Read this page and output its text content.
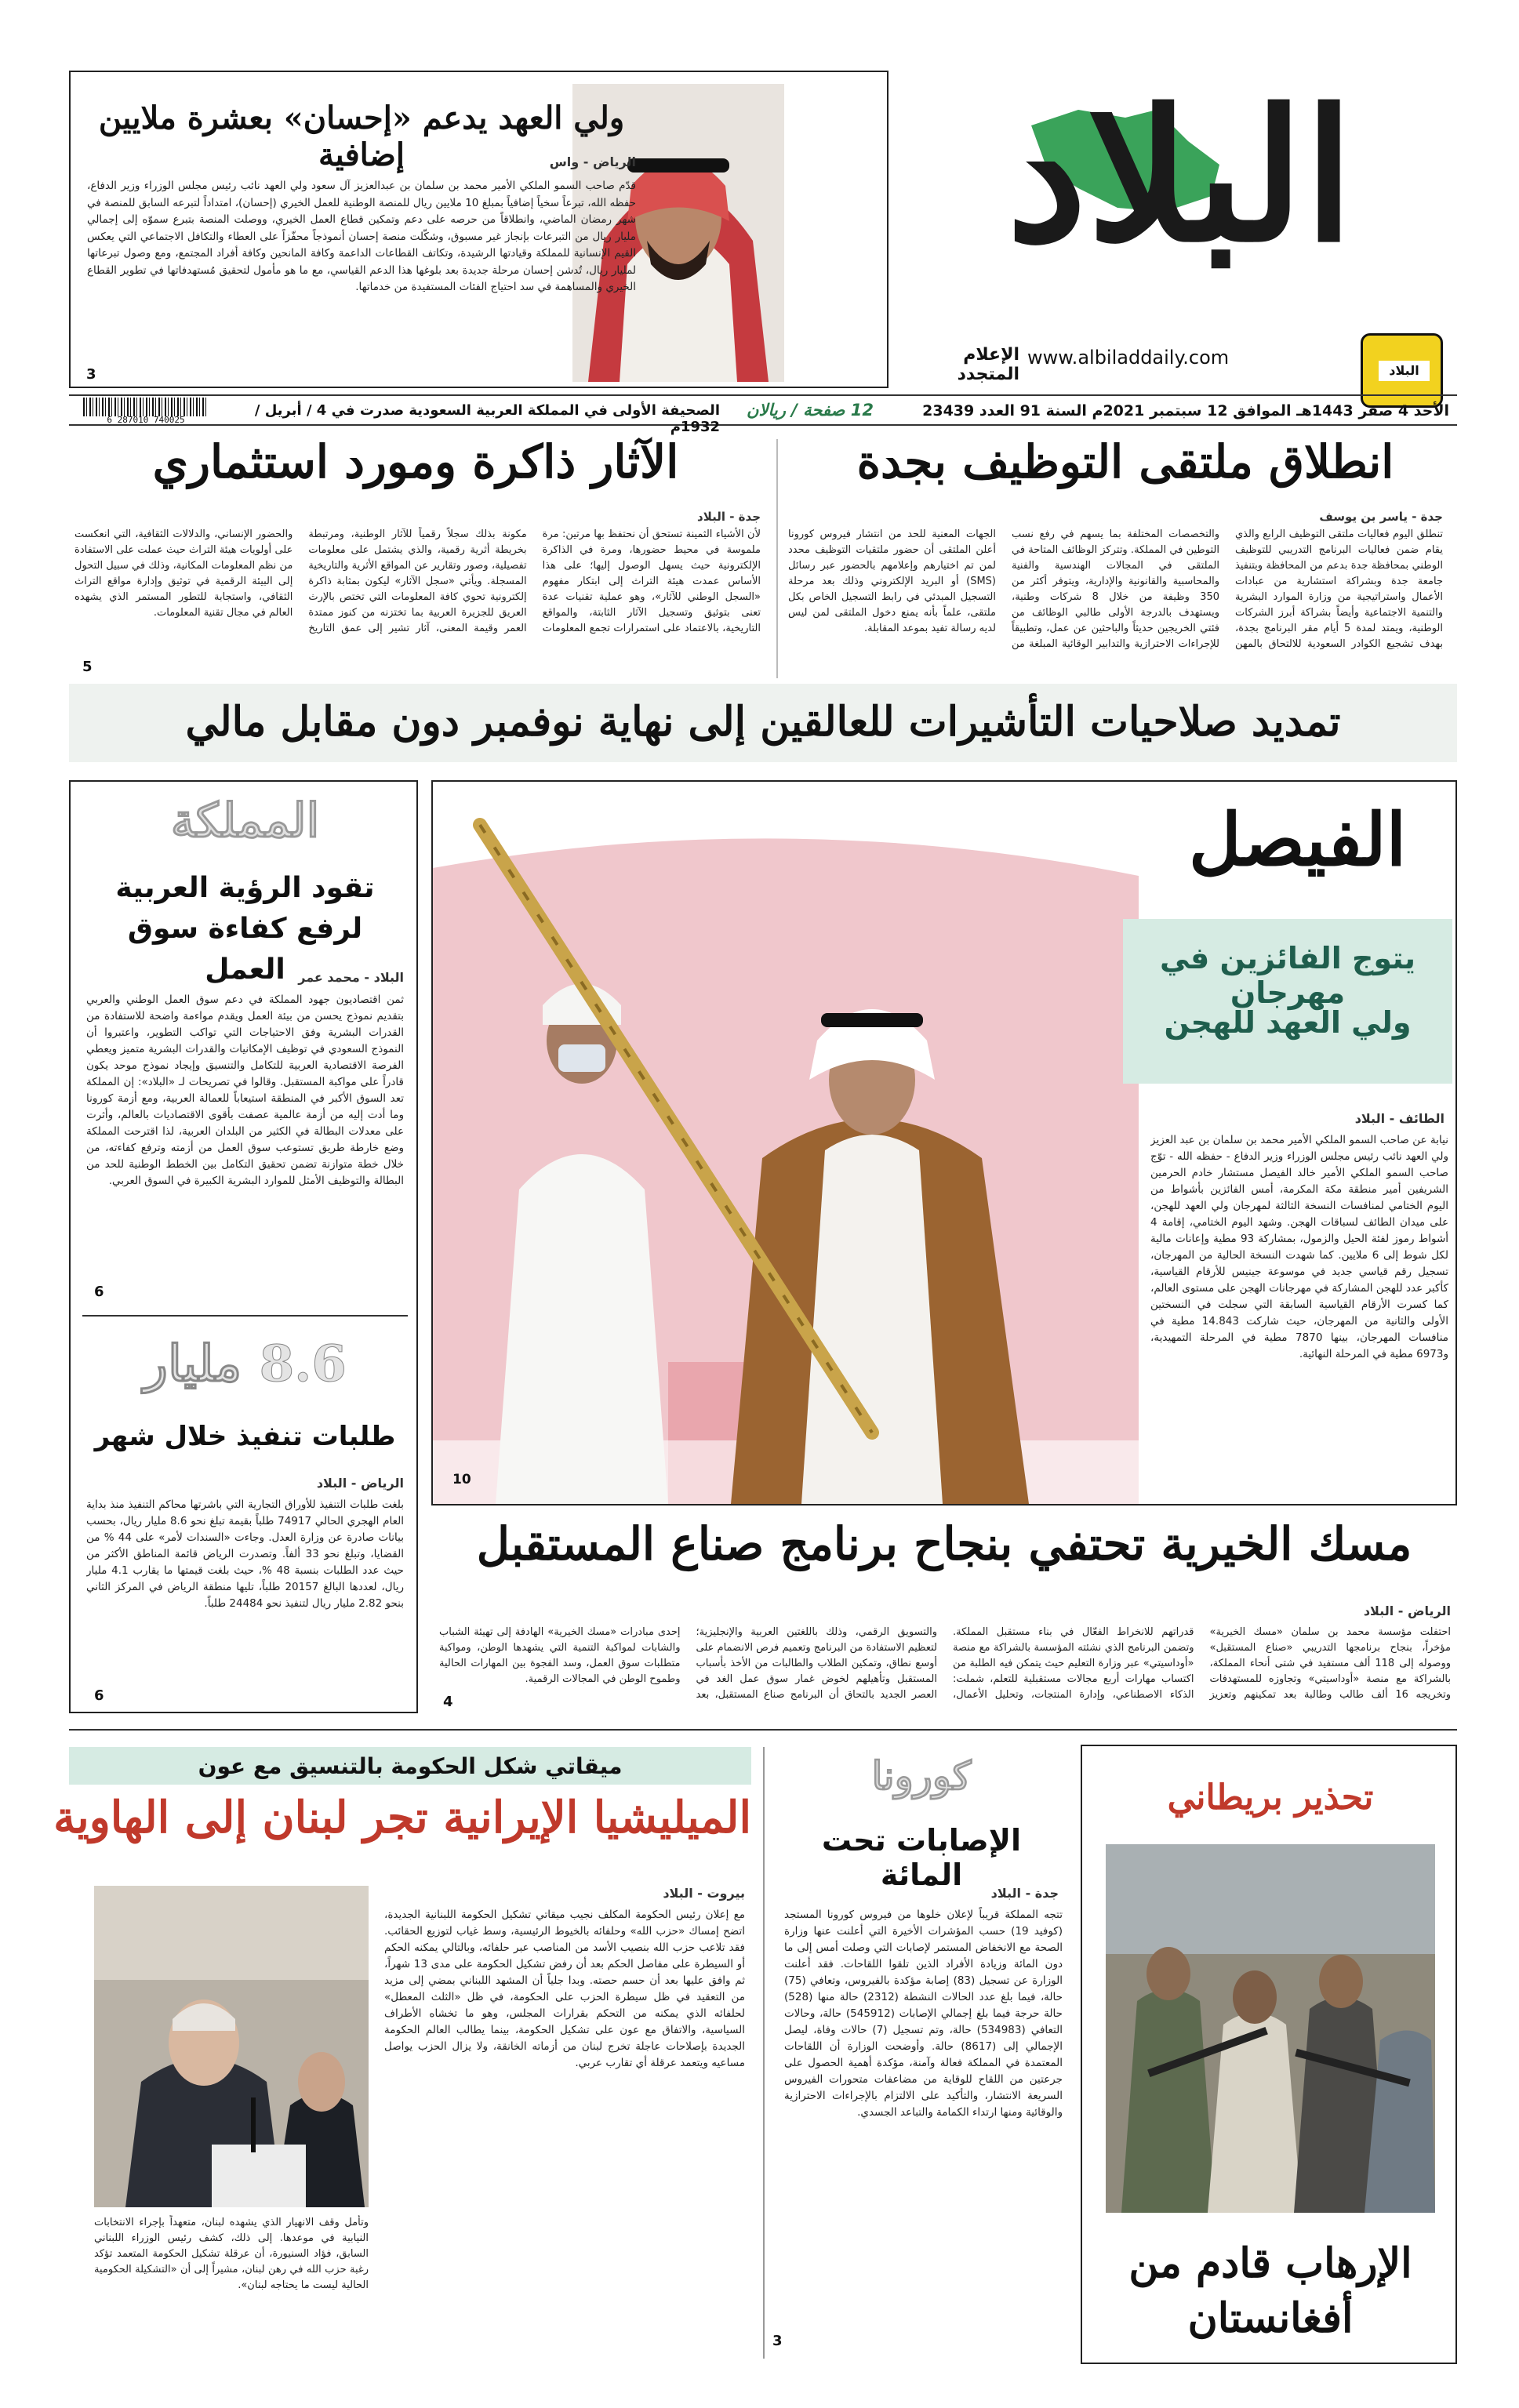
البلاد
البلاد
www.albiladdaily.com
الإعلام المتجدد
الأحد 4 صفر 1443هـ الموافق 12 سبتمبر 2021م السنة 91 العدد 23439
12 صفحة / ريالان
الصحيفة الأولى في المملكة العربية السعودية صدرت في 4 / أبريل / 1932م
6 287010 740025
ولي العهد يدعم «إحسان» بعشرة ملايين إضافية	الرياض - واس
قدّم صاحب السمو الملكي الأمير محمد بن سلمان بن عبدالعزيز آل سعود ولي العهد نائب رئيس مجلس الوزراء وزير الدفاع، حفظه الله، تبرعاً سخياً إضافياً بمبلغ 10 ملايين ريال للمنصة الوطنية للعمل الخيري (إحسان)، امتداداً لتبرعه السابق للمنصة في شهر رمضان الماضي، وانطلاقاً من حرصه على دعم وتمكين قطاع العمل الخيري، ووصلت المنصة بتبرع سموّه إلى إجمالي مليار ريال من التبرعات بإنجاز غير مسبوق، وشكّلت منصة إحسان أنموذجاً محفّزاً على العطاء والتكافل الاجتماعي التي يعكس القيم الإنسانية للمملكة وقيادتها الرشيدة، وتكاتف القطاعات الداعمة وكافة المانحين وكافة أفراد المجتمع، ومع وصول تبرعاتها لمليار ريال، تُدشن إحسان مرحلة جديدة بعد بلوغها هذا الدعم القياسي، مع ما هو مأمول لتحقيق مُستهدفاتها في تطوير القطاع الخيري والمساهمة في سد احتياج الفئات المستفيدة من خدماتها.
3
انطلاق ملتقى التوظيف بجدة
جدة - ياسر بن يوسف
تنطلق اليوم فعاليات ملتقى التوظيف الرابع والذي يقام ضمن فعاليات البرنامج التدريبي للتوظيف الوطني بمحافظة جدة بدعم من المحافظة وبتنفيذ جامعة جدة وبشراكة استشارية من عبادات الأعمال واستراتيجية من وزارة الموارد البشرية والتنمية الاجتماعية وأيضاً بشراكة أبرز الشركات الوطنية، ويمتد لمدة 5 أيام مقر البرنامج بجدة، بهدف تشجيع الكوادر السعودية للالتحاق بالمهن والتخصصات المختلفة بما يسهم في رفع نسب التوطين في المملكة. وتتركز الوظائف المتاحة في الملتقى في المجالات الهندسية والفنية والمحاسبية والقانونية والإدارية، ويتوفر أكثر من 350 وظيفة من خلال 8 شركات وطنية، ويستهدف بالدرجة الأولى طالبي الوظائف من فئتي الخريجين حديثاً والباحثين عن عمل، وتطبيقاً للإجراءات الاحترازية والتدابير الوقائية المبلغة من الجهات المعنية للحد من انتشار فيروس كورونا أعلن الملتقى أن حضور ملتقيات التوظيف محدد لمن تم اختيارهم وإعلامهم بالحضور عبر رسائل (SMS) أو البريد الإلكتروني وذلك بعد مرحلة التسجيل المبدئي في رابط التسجيل الخاص بكل ملتقى، علماً بأنه يمنع دخول الملتقى لمن ليس لديه رسالة تفيد بموعد المقابلة.
الآثار ذاكرة ومورد استثماري
جدة - البلاد
لأن الأشياء الثمينة تستحق أن نحتفظ بها مرتين: مرة ملموسة في محيط حضورها، ومرة في الذاكرة الإلكترونية حيث يسهل الوصول إليها؛ على هذا الأساس عمدت هيئة التراث إلى ابتكار مفهوم «السجل الوطني للآثار»، وهو عملية تقنيات عدة تعنى بتوثيق وتسجيل الآثار الثابتة، والمواقع التاريخية، بالاعتماد على استمرارات تجمع المعلومات مكونة بذلك سجلاً رقمياً للآثار الوطنية، ومرتبطة بخريطة أثرية رقمية، والذي يشتمل على معلومات تفصيلية، وصور وتقارير عن المواقع الأثرية والتاريخية المسجلة. ويأتي «سجل الآثار» ليكون بمثابة ذاكرة إلكترونية تحوي كافة المعلومات التي تختص بالإرث العريق للجزيرة العربية بما تختزنه من كنوز ممتدة العمر وقيمة المعنى، آثار تشير إلى عمق التاريخ والحضور الإنساني، والدلالات الثقافية، التي انعكست على أولويات هيئة التراث حيث عملت على الاستفادة من نظم المعلومات المكانية، وذلك في سبيل التحول إلى البيئة الرقمية في توثيق وإدارة مواقع التراث الثقافي، واستجابة للتطور المستمر الذي يشهده العالم في مجال تقنية المعلومات.
5
تمديد صلاحيات التأشيرات للعالقين إلى نهاية نوفمبر دون مقابل مالي
10
الفيصل
يتوج الفائزين في مهرجان
ولي العهد للهجن
الطائف - البلاد
نيابة عن صاحب السمو الملكي الأمير محمد بن سلمان بن عبد العزيز ولي العهد نائب رئيس مجلس الوزراء وزير الدفاع - حفظه الله - توّج صاحب السمو الملكي الأمير خالد الفيصل مستشار خادم الحرمين الشريفين أمير منطقة مكة المكرمة، أمس الفائزين بأشواط من اليوم الختامي لمنافسات النسخة الثالثة لمهرجان ولي العهد للهجن، على ميدان الطائف لسباقات الهجن. وشهد اليوم الختامي، إقامة 4 أشواط رموز لفئة الحيل والزمول، بمشاركة 93 مطية وإعانات مالية لكل شوط إلى 6 ملايين. كما شهدت النسخة الحالية من المهرجان، تسجيل رقم قياسي جديد في موسوعة جينيس للأرقام القياسية، كأكبر عدد للهجن المشاركة في مهرجانات الهجن على مستوى العالم، كما كسرت الأرقام القياسية السابقة التي سجلت في النسختين الأولى والثانية من المهرجان، حيث شاركت 14.843 مطية في منافسات المهرجان، بينها 7870 مطية في المرحلة التمهيدية، و6973 مطية في المرحلة النهائية.
المملكة
تقود الرؤية العربية لرفع كفاءة سوق العمل	البلاد - محمد عمر
ثمن اقتصاديون جهود المملكة في دعم سوق العمل الوطني والعربي بتقديم نموذج يحسن من بيئة العمل ويقدم مواءمة واضحة للاستفادة من القدرات البشرية وفق الاحتياجات التي تواكب التطوير، واعتبروا أن النموذج السعودي في توظيف الإمكانيات والقدرات البشرية متميز ويعطي الفرصة الاقتصادية العربية للتكامل والتنسيق وإيجاد نموذج موحد يكون قادراً على مواكبة المستقبل. وقالوا في تصريحات لـ «البلاد»: إن المملكة تعد السوق الأكبر في المنطقة استيعاباً للعمالة العربية، ومع أزمة كورونا وما أدت إليه من أزمة عالمية عصفت بأقوى الاقتصاديات بالعالم، وأثرت على معدلات البطالة في الكثير من البلدان العربية، لذا اقترحت المملكة وضع خارطة طريق تستوعب سوق العمل من أزمته وترفع كفاءته، من خلال خطة متوازنة تضمن تحقيق التكامل بين الخطط الوطنية للحد من البطالة والتوظيف الأمثل للموارد البشرية الكبيرة في السوق العربي.
6
8.6 مليار
طلبات تنفيذ خلال شهر
الرياض - البلاد
بلغت طلبات التنفيذ للأوراق التجارية التي باشرتها محاكم التنفيذ منذ بداية العام الهجري الحالي 74917 طلباً بقيمة تبلغ نحو 8.6 مليار ريال، بحسب بيانات صادرة عن وزارة العدل. وجاءت «السندات لأمر» على 44 % من القضايا، وتبلغ نحو 33 ألفاً. وتصدرت الرياض قائمة المناطق الأكثر من حيث عدد الطلبات بنسبة 48 %، حيث بلغت قيمتها ما يقارب 4.1 مليار ريال، لعددها البالغ 20157 طلباً، تليها منطقة الرياض في المركز الثاني بنحو 2.82 مليار ريال لتنفيذ نحو 24484 طلباً.
6
مسك الخيرية تحتفي بنجاح برنامج صناع المستقبل
الرياض - البلاد
احتفلت مؤسسة محمد بن سلمان «مسك الخيرية» مؤخراً، بنجاح برنامجها التدريبي «صناع المستقبل» ووصوله إلى 118 ألف مستفيد في شتى أنحاء المملكة، بالشراكة مع منصة «أوداسيتي» وتجاوزه للمستهدفات وتخريجه 16 ألف طالب وطالبة بعد تمكينهم وتعزيز قدراتهم للانخراط الفعّال في بناء مستقبل المملكة. وتضمن البرنامج الذي نشئته المؤسسة بالشراكة مع منصة «أوداسيتي» عبر وزارة التعليم حيث يتمكن فيه الطلبة من اكتساب مهارات أربع مجالات مستقبلية للتعلم، شملت: الذكاء الاصطناعي، وإدارة المنتجات، وتحليل الأعمال، والتسويق الرقمي، وذلك باللغتين العربية والإنجليزية؛ لتعظيم الاستفادة من البرنامج وتعميم فرص الانضمام على أوسع نطاق، وتمكين الطلاب والطالبات من الأخذ بأسباب المستقبل وتأهيلهم لخوض غمار سوق عمل الغد في العصر الجديد بالتحاق أن البرنامج صناع المستقبل، بعد إحدى مبادرات «مسك الخيرية» الهادفة إلى تهيئة الشباب والشابات لمواكبة التنمية التي يشهدها الوطن، ومواكبة متطلبات سوق العمل، وسد الفجوة بين المهارات الحالية وطموح الوطن في المجالات الرقمية.
4
ميقاتي شكل الحكومة بالتنسيق مع عون
الميليشيا الإيرانية تجر لبنان إلى الهاوية
بيروت - البلاد
مع إعلان رئيس الحكومة المكلف نجيب ميقاتي تشكيل الحكومة اللبنانية الجديدة، اتضح إمساك «حزب الله» وحلفائه بالخيوط الرئيسية، وسط غياب لتوزيع الحقائب. فقد تلاعب حزب الله بنصيب الأسد من المناصب عبر حلفائه، وبالتالي يمكنه الحكم أو السيطرة على مفاصل الحكم بعد أن رفض تشكيل الحكومة على مدى 13 شهراً، ثم وافق عليها بعد أن حسم حصته. وبدا جلياً أن المشهد اللبناني بمضي إلى مزيد من التعقيد في ظل سيطرة الحزب على الحكومة، في ظل «الثلث المعطل» لحلفائه الذي يمكنه من التحكم بقرارات المجلس، وهو ما تخشاه الأطراف السياسية، والاتفاق مع عون على تشكيل الحكومة، بينما يطالب العالم الحكومة الجديدة بإصلاحات عاجلة تخرج لبنان من أزماته الخانقة، ولا يزال الحزب يواصل مساعيه ويتعمد عرقلة أي تقارب عربي.
وتأمل وقف الانهيار الذي يشهده لبنان، متعهداً بإجراء الانتخابات النيابية في موعدها. إلى ذلك، كشف رئيس الوزراء اللبناني السابق، فؤاد السنيورة، أن عرقلة تشكيل الحكومة المتعمد تؤكد رغبة حزب الله في رهن لبنان، مشيراً إلى أن «التشكيلة الحكومية الحالية ليست ما يحتاجه لبنان».
3
كورونا
الإصابات تحت المائة
جدة - البلاد
تتجه المملكة قريباً لإعلان خلوها من فيروس كورونا المستجد (كوفيد 19) حسب المؤشرات الأخيرة التي أعلنت عنها وزارة الصحة مع الانخفاض المستمر لإصابات التي وصلت أمس إلى ما دون المائة وزيادة الأفراد الذين تلقوا اللقاحات. فقد أعلنت الوزارة عن تسجيل (83) إصابة مؤكدة بالفيروس، وتعافي (75) حالة، فيما بلغ عدد الحالات النشطة (2312) حالة منها (528) حالة حرجة فيما بلغ إجمالي الإصابات (545912) حالة، وحالات التعافي (534983) حالة، وتم تسجيل (7) حالات وفاة، ليصل الإجمالي إلى (8617) حالة. وأوضحت الوزارة أن اللقاحات المعتمدة في المملكة فعالة وآمنة، مؤكدة أهمية الحصول على جرعتين من اللقاح للوقاية من مضاعفات متحورات الفيروس السريعة الانتشار، والتأكيد على الالتزام بالإجراءات الاحترازية والوقائية ومنها ارتداء الكمامة والتباعد الجسدي.
تحذير بريطاني
الإرهاب قادم من أفغانستان
